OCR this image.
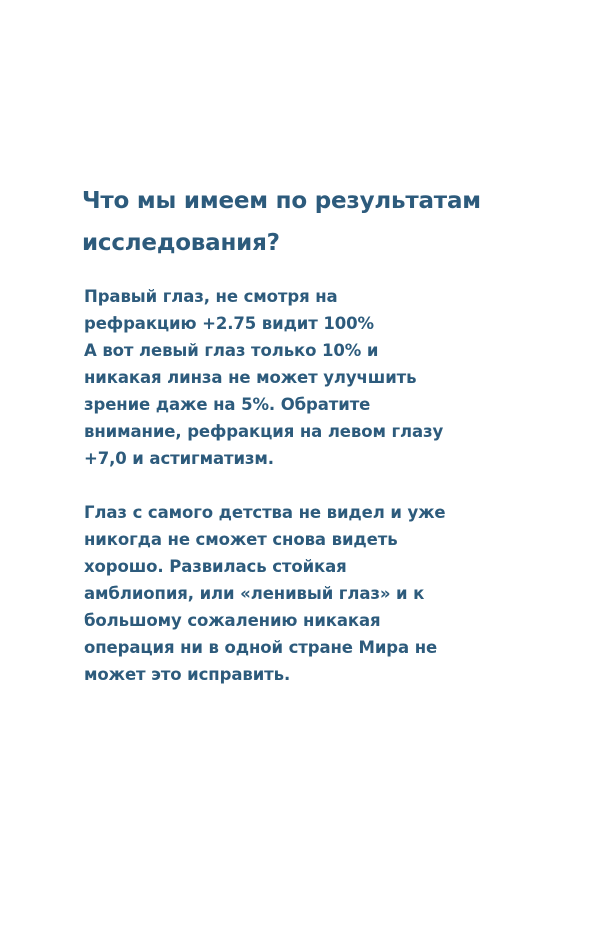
Что мы имеем по результатам
исследования?

Правый глаз, не смотря на
рефракцию +2.75 видит 100%
А вот левый глаз только 10% и
никакая линза не может улучшить
зрение даже на 5%. Обратите
внимание, рефракция на левом глазу
+7,0 и астигматизм.

Глаз с самого детства не видел и уже
никогда не сможет снова видеть
хорошо. Развилась стойкая
амблиопия, или «ленивый глаз» и к
большому сожалению никакая
операция ни в одной стране Мира не
может это исправить.
